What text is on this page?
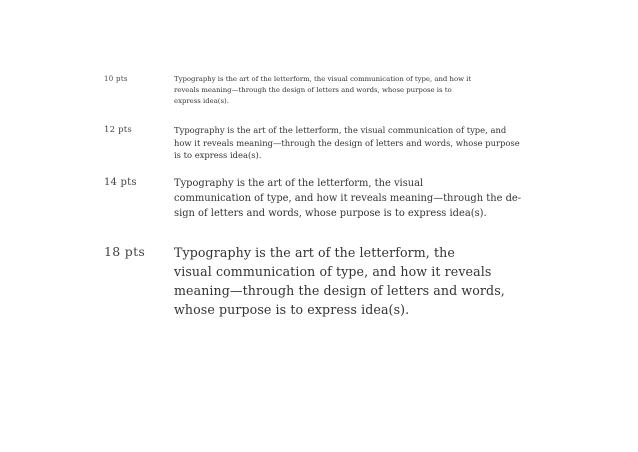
10 pts	Typography is the art of the letterform, the visual communication of type, and how it
reveals meaning—through the design of letters and words, whose purpose is to
express idea(s).
12 pts	Typography is the art of the letterform, the visual communication of type, and
how it reveals meaning—through the design of letters and words, whose purpose
is to express idea(s).
14 pts	Typography is the art of the letterform, the visual
communication of type, and how it reveals meaning—through the de-
sign of letters and words, whose purpose is to express idea(s).
18 pts Typography is the art of the letterform, the
visual communication of type, and how it reveals
meaning—through the design of letters and words,
whose purpose is to express idea(s).
